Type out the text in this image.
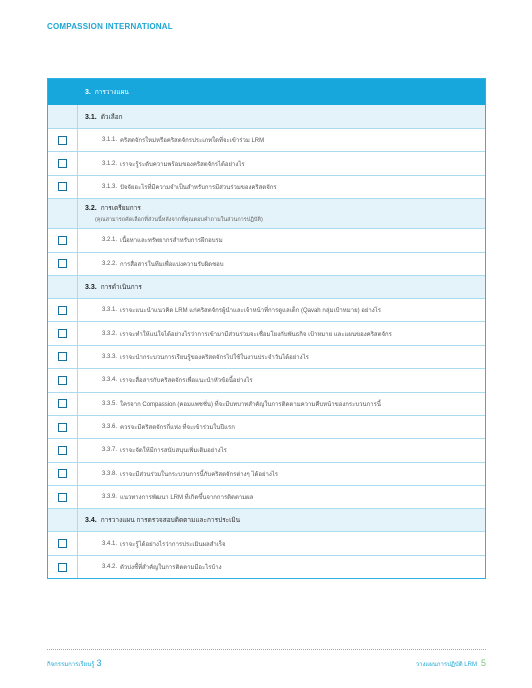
COMPASSION INTERNATIONAL
3. การวางแผน
3.1. ตัวเลือก
3.1.1. คริสตจักรใหม่หรือคริสตจักรประเภทใดที่จะเข้าร่วม LRM
3.1.2. เราจะรู้ระดับความพร้อมของคริสตจักรได้อย่างไร
3.1.3. ปัจจัยอะไรที่มีความจำเป็นสำหรับการมีส่วนร่วมของคริสตจักร
3.2. การเตรียมการ
(คุณสามารถคัดเลือกที่ส่วนนี้หลังจากที่คุณตอบคำถามในส่วนการปฏิบัติ)
3.2.1. เนื้อหาและทรัพยากรสำหรับการฝึกอบรม
3.2.2. การสื่อสารในทีมเพื่อแบ่งความรับผิดชอบ
3.3. การดำเนินการ
3.3.1. เราจะแนะนำแนวคิด LRM แก่คริสตจักรผู้นำและเจ้าหน้าที่การดูแลเด็ก (Qavah กลุ่มเป้าหมาย) อย่างไร
3.3.2. เราจะทำให้แน่ใจได้อย่างไรว่าการเข้ามามีส่วนร่วมจะเชื่อมโยงกับพันธกิจ เป้าหมาย และแผนของคริสตจักร
3.3.3. เราจะนำกระบวนการเรียนรู้ของคริสตจักรไปใช้ในงานประจำวันได้อย่างไร
3.3.4. เราจะสื่อสารกับคริสตจักรเพื่อแนะนำหัวข้อนี้อย่างไร
3.3.5. ใครจาก Compassion (คอมแพชชั่น) ที่จะมีบทบาทสำคัญในการติดตามความคืบหน้าของกระบวนการนี้
3.3.6. ควรจะมีคริสตจักรกี่แห่ง ที่จะเข้าร่วมในปีแรก
3.3.7. เราจะจัดให้มีการสนับสนุนเพิ่มเติมอย่างไร
3.3.8. เราจะมีส่วนร่วมในกระบวนการนี้กับคริสตจักรต่างๆ ได้อย่างไร
3.3.9. แนวทางการพัฒนา LRM ที่เกิดขึ้นจากการติดตามผล
3.4. การวางแผน การตรวจสอบติดตามและการประเมิน
3.4.1. เราจะรู้ได้อย่างไรว่าการประเมินผลสำเร็จ
3.4.2. ตัวบ่งชี้ที่สำคัญในการติดตามมีอะไรบ้าง
กิจกรรมการเรียนรู้ 3	วางแผนการปฏิบัติ LRM 5
